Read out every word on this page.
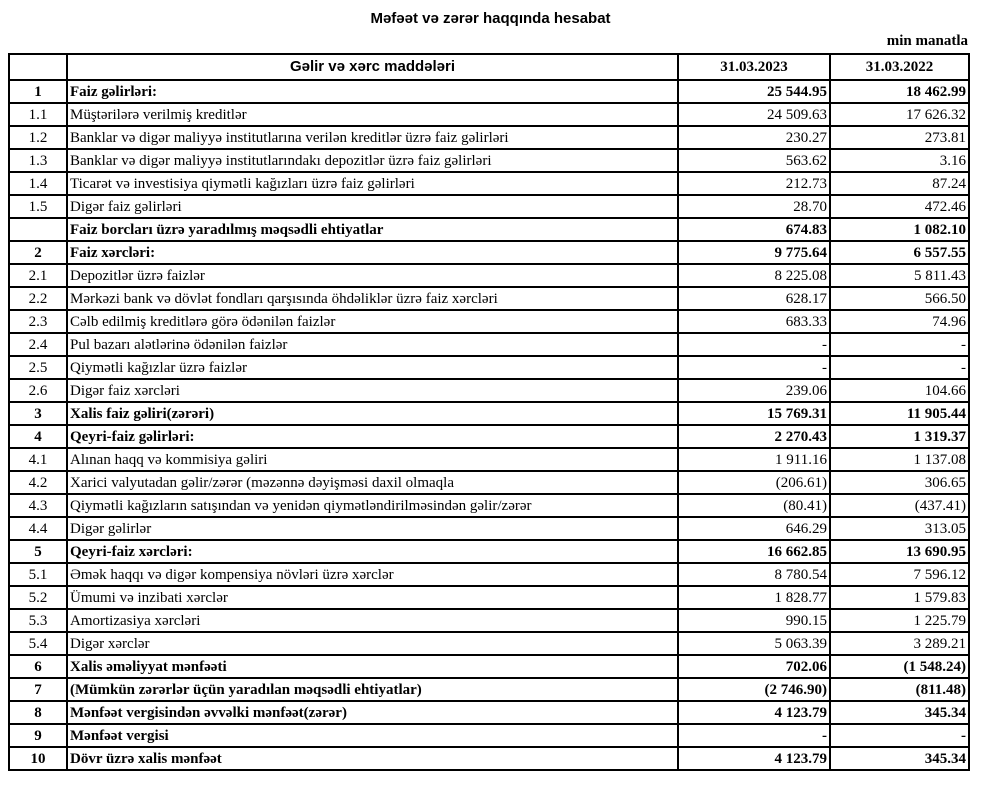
Məfəət və zərər haqqında hesabat
min manatla
	Gəlir və xərc maddələri	31.03.2023	31.03.2022
1	Faiz gəlirləri:	25 544.95	18 462.99
1.1	Müştərilərə verilmiş kreditlər	24 509.63	17 626.32
1.2	Banklar və digər maliyyə institutlarına verilən kreditlər üzrə faiz gəlirləri	230.27	273.81
1.3	Banklar və digər maliyyə institutlarındakı depozitlər üzrə faiz gəlirləri	563.62	3.16
1.4	Ticarət və investisiya qiymətli kağızları üzrə faiz gəlirləri	212.73	87.24
1.5	Digər faiz gəlirləri	28.70	472.46
	Faiz borcları üzrə yaradılmış məqsədli ehtiyatlar	674.83	1 082.10
2	Faiz xərcləri:	9 775.64	6 557.55
2.1	Depozitlər üzrə faizlər	8 225.08	5 811.43
2.2	Mərkəzi bank və dövlət fondları qarşısında öhdəliklər üzrə faiz xərcləri	628.17	566.50
2.3	Cəlb edilmiş kreditlərə görə ödənilən faizlər	683.33	74.96
2.4	Pul bazarı alətlərinə ödənilən faizlər	-	-
2.5	Qiymətli kağızlar üzrə faizlər	-	-
2.6	Digər faiz xərcləri	239.06	104.66
3	Xalis faiz gəliri(zərəri)	15 769.31	11 905.44
4	Qeyri-faiz gəlirləri:	2 270.43	1 319.37
4.1	Alınan haqq və kommisiya gəliri	1 911.16	1 137.08
4.2	Xarici valyutadan gəlir/zərər (məzənnə dəyişməsi daxil olmaqla	(206.61)	306.65
4.3	Qiymətli kağızların satışından və yenidən qiymətləndirilməsindən gəlir/zərər	(80.41)	(437.41)
4.4	Digər gəlirlər	646.29	313.05
5	Qeyri-faiz xərcləri:	16 662.85	13 690.95
5.1	Əmək haqqı və digər kompensiya növləri üzrə xərclər	8 780.54	7 596.12
5.2	Ümumi və inzibati xərclər	1 828.77	1 579.83
5.3	Amortizasiya xərcləri	990.15	1 225.79
5.4	Digər xərclər	5 063.39	3 289.21
6	Xalis əməliyyat mənfəəti	702.06	(1 548.24)
7	(Mümkün zərərlər üçün yaradılan məqsədli ehtiyatlar)	(2 746.90)	(811.48)
8	Mənfəət vergisindən əvvəlki mənfəət(zərər)	4 123.79	345.34
9	Mənfəət vergisi	-	-
10	Dövr üzrə xalis mənfəət	4 123.79	345.34
